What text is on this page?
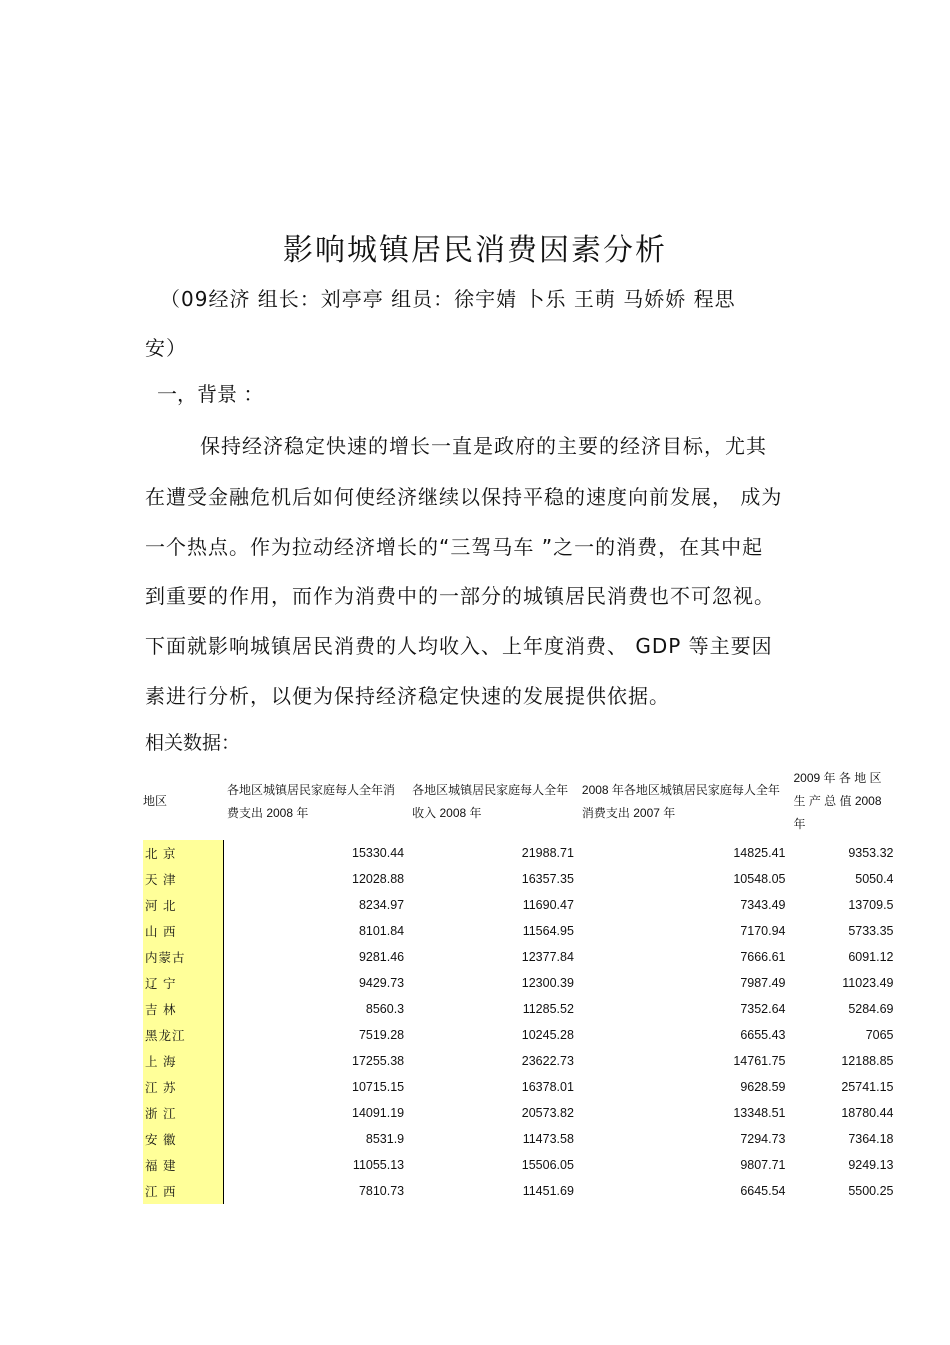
影响城镇居民消费因素分析
（09经济 组长：刘亭亭 组员：徐宇婧 卜乐 王萌 马娇娇 程思
安）
一，背景 ：
保持经济稳定快速的增长一直是政府的主要的经济目标，尤其
在遭受金融危机后如何使经济继续以保持平稳的速度向前发展， 成为
一个热点。作为拉动经济增长的“三驾马车 ”之一的消费，在其中起
到重要的作用，而作为消费中的一部分的城镇居民消费也不可忽视。
下面就影响城镇居民消费的人均收入、上年度消费、 GDP 等主要因
素进行分析，以便为保持经济稳定快速的发展提供依据。
相关数据：
地区	各地区城镇居民家庭每人全年消费支出 2008 年	各地区城镇居民家庭每人全年收入 2008 年	2008 年各地区城镇居民家庭每人全年消费支出 2007 年	2009 年 各 地 区 生 产 总 值 2008 年
北 京	15330.44	21988.71	14825.41	9353.32
天 津	12028.88	16357.35	10548.05	5050.4
河 北	8234.97	11690.47	7343.49	13709.5
山 西	8101.84	11564.95	7170.94	5733.35
内蒙古	9281.46	12377.84	7666.61	6091.12
辽 宁	9429.73	12300.39	7987.49	11023.49
吉 林	8560.3	11285.52	7352.64	5284.69
黑龙江	7519.28	10245.28	6655.43	7065
上 海	17255.38	23622.73	14761.75	12188.85
江 苏	10715.15	16378.01	9628.59	25741.15
浙 江	14091.19	20573.82	13348.51	18780.44
安 徽	8531.9	11473.58	7294.73	7364.18
福 建	11055.13	15506.05	9807.71	9249.13
江 西	7810.73	11451.69	6645.54	5500.25
